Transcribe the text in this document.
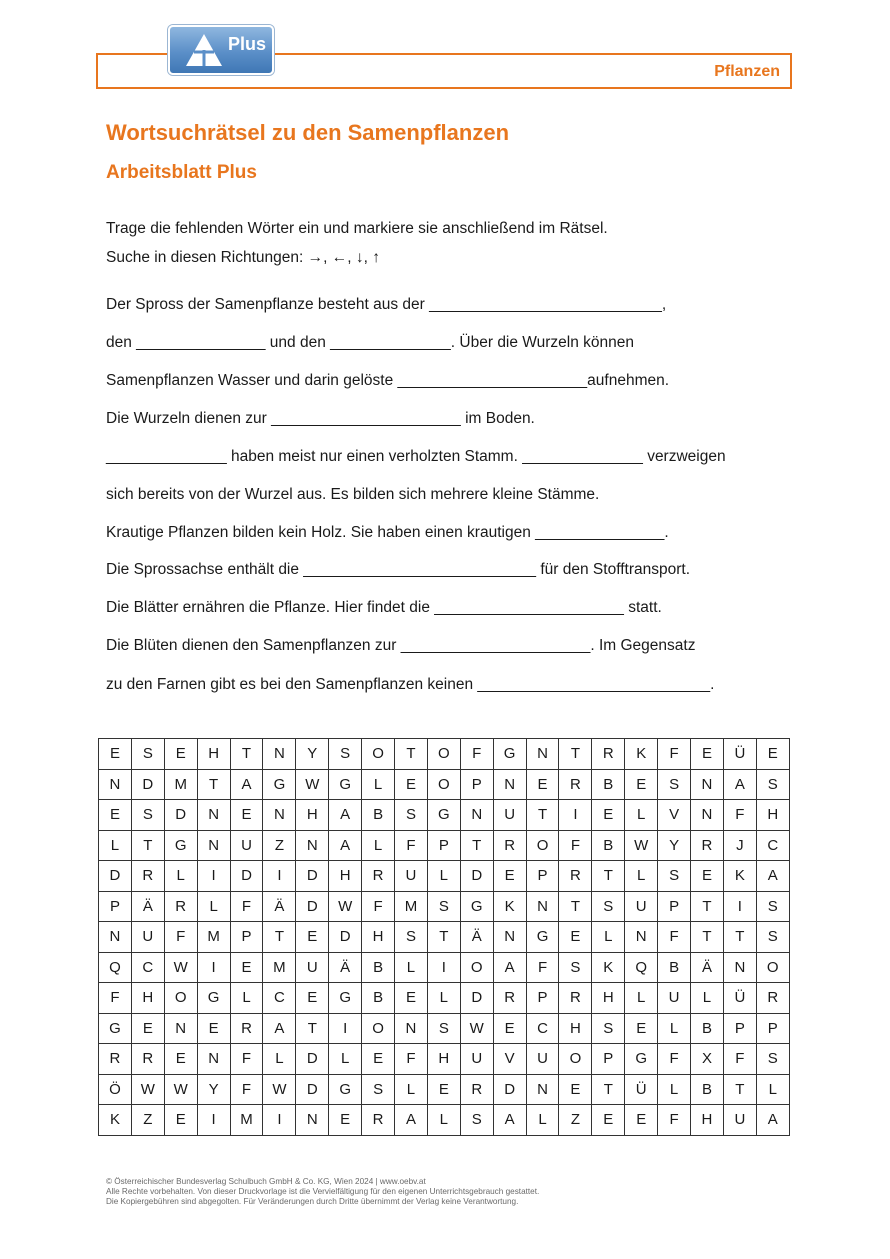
Pflanzen
Plus
Wortsuchrätsel zu den Samenpflanzen
Arbeitsblatt Plus

Trage die fehlenden Wörter ein und markiere sie anschließend im Rätsel.

Suche in diesen Richtungen: →, ←, ↓, ↑

Der Spross der Samenpflanze besteht aus der ___________________________,

den _______________ und den ______________. Über die Wurzeln können

Samenpflanzen Wasser und darin gelöste ______________________aufnehmen.

Die Wurzeln dienen zur ______________________ im Boden.

______________ haben meist nur einen verholzten Stamm. ______________ verzweigen

sich bereits von der Wurzel aus. Es bilden sich mehrere kleine Stämme.

Krautige Pflanzen bilden kein Holz. Sie haben einen krautigen _______________.

Die Sprossachse enthält die ___________________________ für den Stofftransport.

Die Blätter ernähren die Pflanze. Hier findet die ______________________ statt.

Die Blüten dienen den Samenpflanzen zur ______________________. Im Gegensatz

zu den Farnen gibt es bei den Samenpflanzen keinen ___________________________.

E	S	E	H	T	N	Y	S	O	T	O	F	G	N	T	R	K	F	E	Ü	E
N	D	M	T	A	G	W	G	L	E	O	P	N	E	R	B	E	S	N	A	S
E	S	D	N	E	N	H	A	B	S	G	N	U	T	I	E	L	V	N	F	H
L	T	G	N	U	Z	N	A	L	F	P	T	R	O	F	B	W	Y	R	J	C
D	R	L	I	D	I	D	H	R	U	L	D	E	P	R	T	L	S	E	K	A
P	Ä	R	L	F	Ä	D	W	F	M	S	G	K	N	T	S	U	P	T	I	S
N	U	F	M	P	T	E	D	H	S	T	Ä	N	G	E	L	N	F	T	T	S
Q	C	W	I	E	M	U	Ä	B	L	I	O	A	F	S	K	Q	B	Ä	N	O
F	H	O	G	L	C	E	G	B	E	L	D	R	P	R	H	L	U	L	Ü	R
G	E	N	E	R	A	T	I	O	N	S	W	E	C	H	S	E	L	B	P	P
R	R	E	N	F	L	D	L	E	F	H	U	V	U	O	P	G	F	X	F	S
Ö	W	W	Y	F	W	D	G	S	L	E	R	D	N	E	T	Ü	L	B	T	L
K	Z	E	I	M	I	N	E	R	A	L	S	A	L	Z	E	E	F	H	U	A
© Österreichischer Bundesverlag Schulbuch GmbH & Co. KG, Wien 2024 | www.oebv.at
Alle Rechte vorbehalten. Von dieser Druckvorlage ist die Vervielfältigung für den eigenen Unterrichtsgebrauch gestattet.
Die Kopiergebühren sind abgegolten. Für Veränderungen durch Dritte übernimmt der Verlag keine Verantwortung.
